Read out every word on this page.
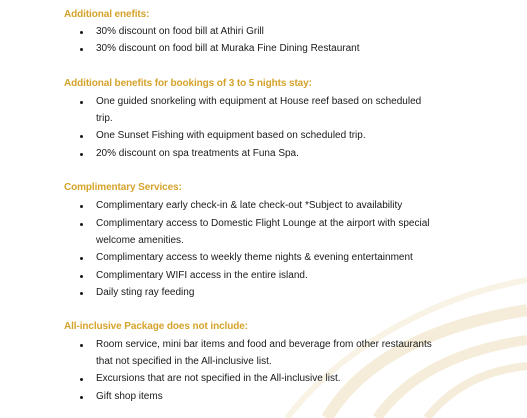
Additional enefits:
30% discount on food bill at Athiri Grill
30% discount on food bill at Muraka Fine Dining Restaurant
Additional benefits for bookings of 3 to 5 nights stay:
One guided snorkeling with equipment at House reef based on scheduled
trip.
One Sunset Fishing with equipment based on scheduled trip.
20% discount on spa treatments at Funa Spa.
Complimentary Services:
Complimentary early check-in & late check-out *Subject to availability
Complimentary access to Domestic Flight Lounge at the airport with special
welcome amenities.
Complimentary access to weekly theme nights & evening entertainment
Complimentary WIFI access in the entire island.
Daily sting ray feeding
All-inclusive Package does not include:
Room service, mini bar items and food and beverage from other restaurants
that not specified in the All-inclusive list.
Excursions that are not specified in the All-inclusive list.
Gift shop items
